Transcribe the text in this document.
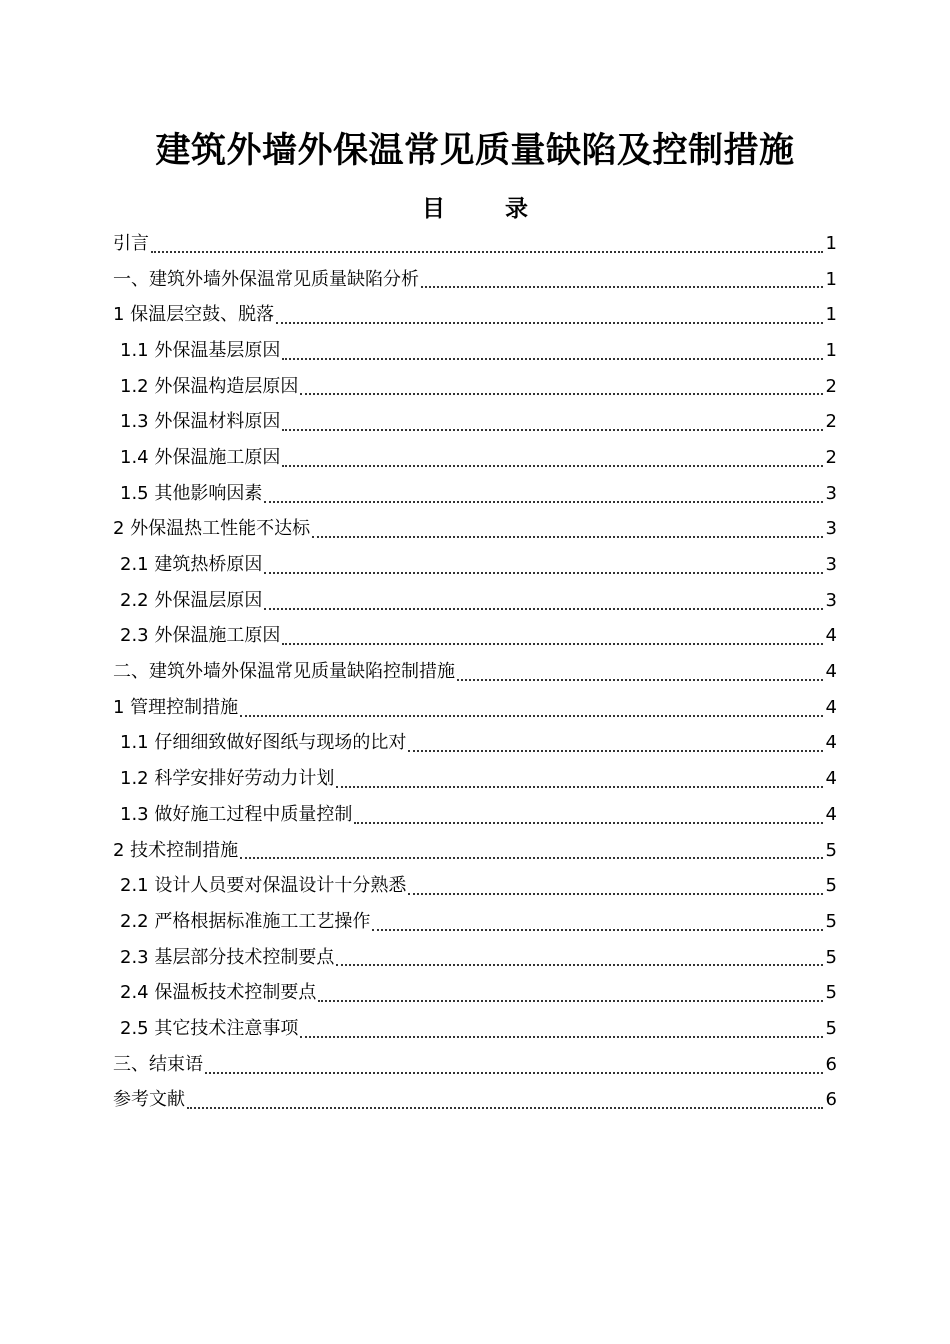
建筑外墙外保温常见质量缺陷及控制措施
目 录
引言	1
一、建筑外墙外保温常见质量缺陷分析	1
1 保温层空鼓、脱落	1
1.1 外保温基层原因	1
1.2 外保温构造层原因	2
1.3 外保温材料原因	2
1.4 外保温施工原因	2
1.5 其他影响因素	3
2 外保温热工性能不达标	3
2.1 建筑热桥原因	3
2.2 外保温层原因	3
2.3 外保温施工原因	4
二、建筑外墙外保温常见质量缺陷控制措施	4
1 管理控制措施	4
1.1 仔细细致做好图纸与现场的比对	4
1.2 科学安排好劳动力计划	4
1.3 做好施工过程中质量控制	4
2 技术控制措施	5
2.1 设计人员要对保温设计十分熟悉	5
2.2 严格根据标准施工工艺操作	5
2.3 基层部分技术控制要点	5
2.4 保温板技术控制要点	5
2.5 其它技术注意事项	5
三、结束语	6
参考文献	6
